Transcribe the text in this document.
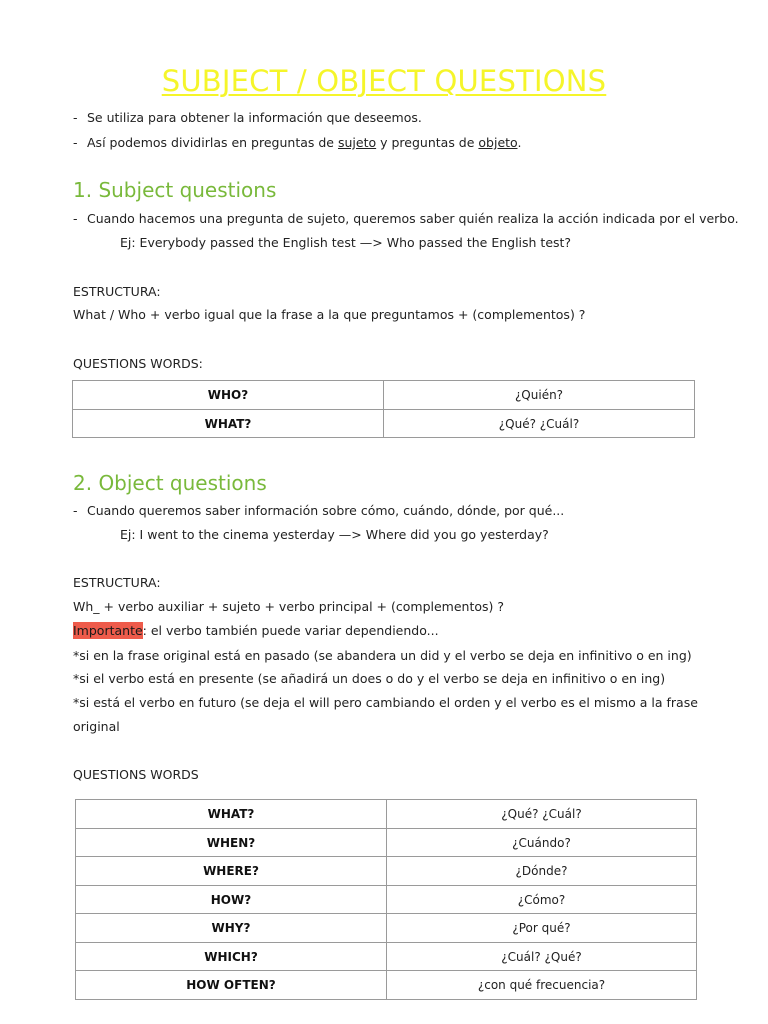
SUBJECT / OBJECT QUESTIONS
- Se utiliza para obtener la información que deseemos.
- Así podemos dividirlas en preguntas de sujeto y preguntas de objeto.
1. Subject questions
- Cuando hacemos una pregunta de sujeto, queremos saber quién realiza la acción indicada por el verbo.
Ej: Everybody passed the English test —> Who passed the English test?
ESTRUCTURA:
What / Who + verbo igual que la frase a la que preguntamos + (complementos) ?
QUESTIONS WORDS:
WHO?	¿Quién?
WHAT?	¿Qué? ¿Cuál?
2. Object questions
- Cuando queremos saber información sobre cómo, cuándo, dónde, por qué...
Ej: I went to the cinema yesterday —> Where did you go yesterday?
ESTRUCTURA:
Wh_ + verbo auxiliar + sujeto + verbo principal + (complementos) ?
Importante: el verbo también puede variar dependiendo...
*si en la frase original está en pasado (se abandera un did y el verbo se deja en infinitivo o en ing)
*si el verbo está en presente (se añadirá un does o do y el verbo se deja en infinitivo o en ing)
*si está el verbo en futuro (se deja el will pero cambiando el orden y el verbo es el mismo a la frase
original
QUESTIONS WORDS
WHAT?	¿Qué? ¿Cuál?
WHEN?	¿Cuándo?
WHERE?	¿Dónde?
HOW?	¿Cómo?
WHY?	¿Por qué?
WHICH?	¿Cuál? ¿Qué?
HOW OFTEN?	¿con qué frecuencia?
